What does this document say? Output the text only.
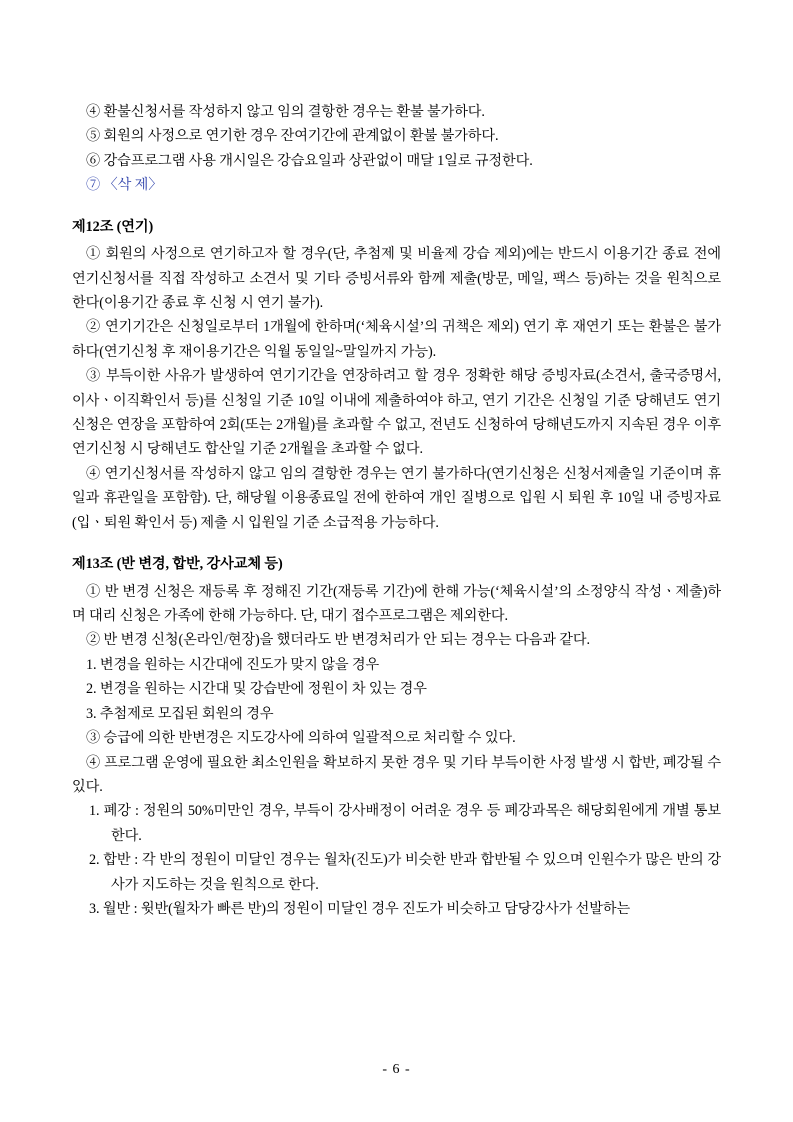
④ 환불신청서를 작성하지 않고 임의 결항한 경우는 환불 불가하다.

⑤ 회원의 사정으로 연기한 경우 잔여기간에 관계없이 환불 불가하다.

⑥ 강습프로그램 사용 개시일은 강습요일과 상관없이 매달 1일로 규정한다.

⑦ 〈삭 제〉

제12조 (연기)

① 회원의 사정으로 연기하고자 할 경우(단, 추첨제 및 비율제 강습 제외)에는 반드시 이용기간 종료 전에 연기신청서를 직접 작성하고 소견서 및 기타 증빙서류와 함께 제출(방문, 메일, 팩스 등)하는 것을 원칙으로 한다(이용기간 종료 후 신청 시 연기 불가).

② 연기기간은 신청일로부터 1개월에 한하며(‘체육시설’의 귀책은 제외) 연기 후 재연기 또는 환불은 불가하다(연기신청 후 재이용기간은 익월 동일일~말일까지 가능).

③ 부득이한 사유가 발생하여 연기기간을 연장하려고 할 경우 정확한 해당 증빙자료(소견서, 출국증명서, 이사ㆍ이직확인서 등)를 신청일 기준 10일 이내에 제출하여야 하고, 연기 기간은 신청일 기준 당해년도 연기신청은 연장을 포함하여 2회(또는 2개월)를 초과할 수 없고, 전년도 신청하여 당해년도까지 지속된 경우 이후 연기신청 시 당해년도 합산일 기준 2개월을 초과할 수 없다.

④ 연기신청서를 작성하지 않고 임의 결항한 경우는 연기 불가하다(연기신청은 신청서제출일 기준이며 휴일과 휴관일을 포함함). 단, 해당월 이용종료일 전에 한하여 개인 질병으로 입원 시 퇴원 후 10일 내 증빙자료(입ㆍ퇴원 확인서 등) 제출 시 입원일 기준 소급적용 가능하다.

제13조 (반 변경, 합반, 강사교체 등)

① 반 변경 신청은 재등록 후 정해진 기간(재등록 기간)에 한해 가능(‘체육시설’의 소정양식 작성ㆍ제출)하며 대리 신청은 가족에 한해 가능하다. 단, 대기 접수프로그램은 제외한다.

② 반 변경 신청(온라인/현장)을 했더라도 반 변경처리가 안 되는 경우는 다음과 같다.

1. 변경을 원하는 시간대에 진도가 맞지 않을 경우
2. 변경을 원하는 시간대 및 강습반에 정원이 차 있는 경우
3. 추첨제로 모집된 회원의 경우

③ 승급에 의한 반변경은 지도강사에 의하여 일괄적으로 처리할 수 있다.

④ 프로그램 운영에 필요한 최소인원을 확보하지 못한 경우 및 기타 부득이한 사정 발생 시 합반, 폐강될 수 있다.

1. 폐강 : 정원의 50%미만인 경우, 부득이 강사배정이 어려운 경우 등 폐강과목은 해당회원에게 개별 통보한다.
2. 합반 : 각 반의 정원이 미달인 경우는 월차(진도)가 비슷한 반과 합반될 수 있으며 인원수가 많은 반의 강사가 지도하는 것을 원칙으로 한다.
3. 월반 : 윗반(월차가 빠른 반)의 정원이 미달인 경우 진도가 비슷하고 담당강사가 선발하는
- 6 -
